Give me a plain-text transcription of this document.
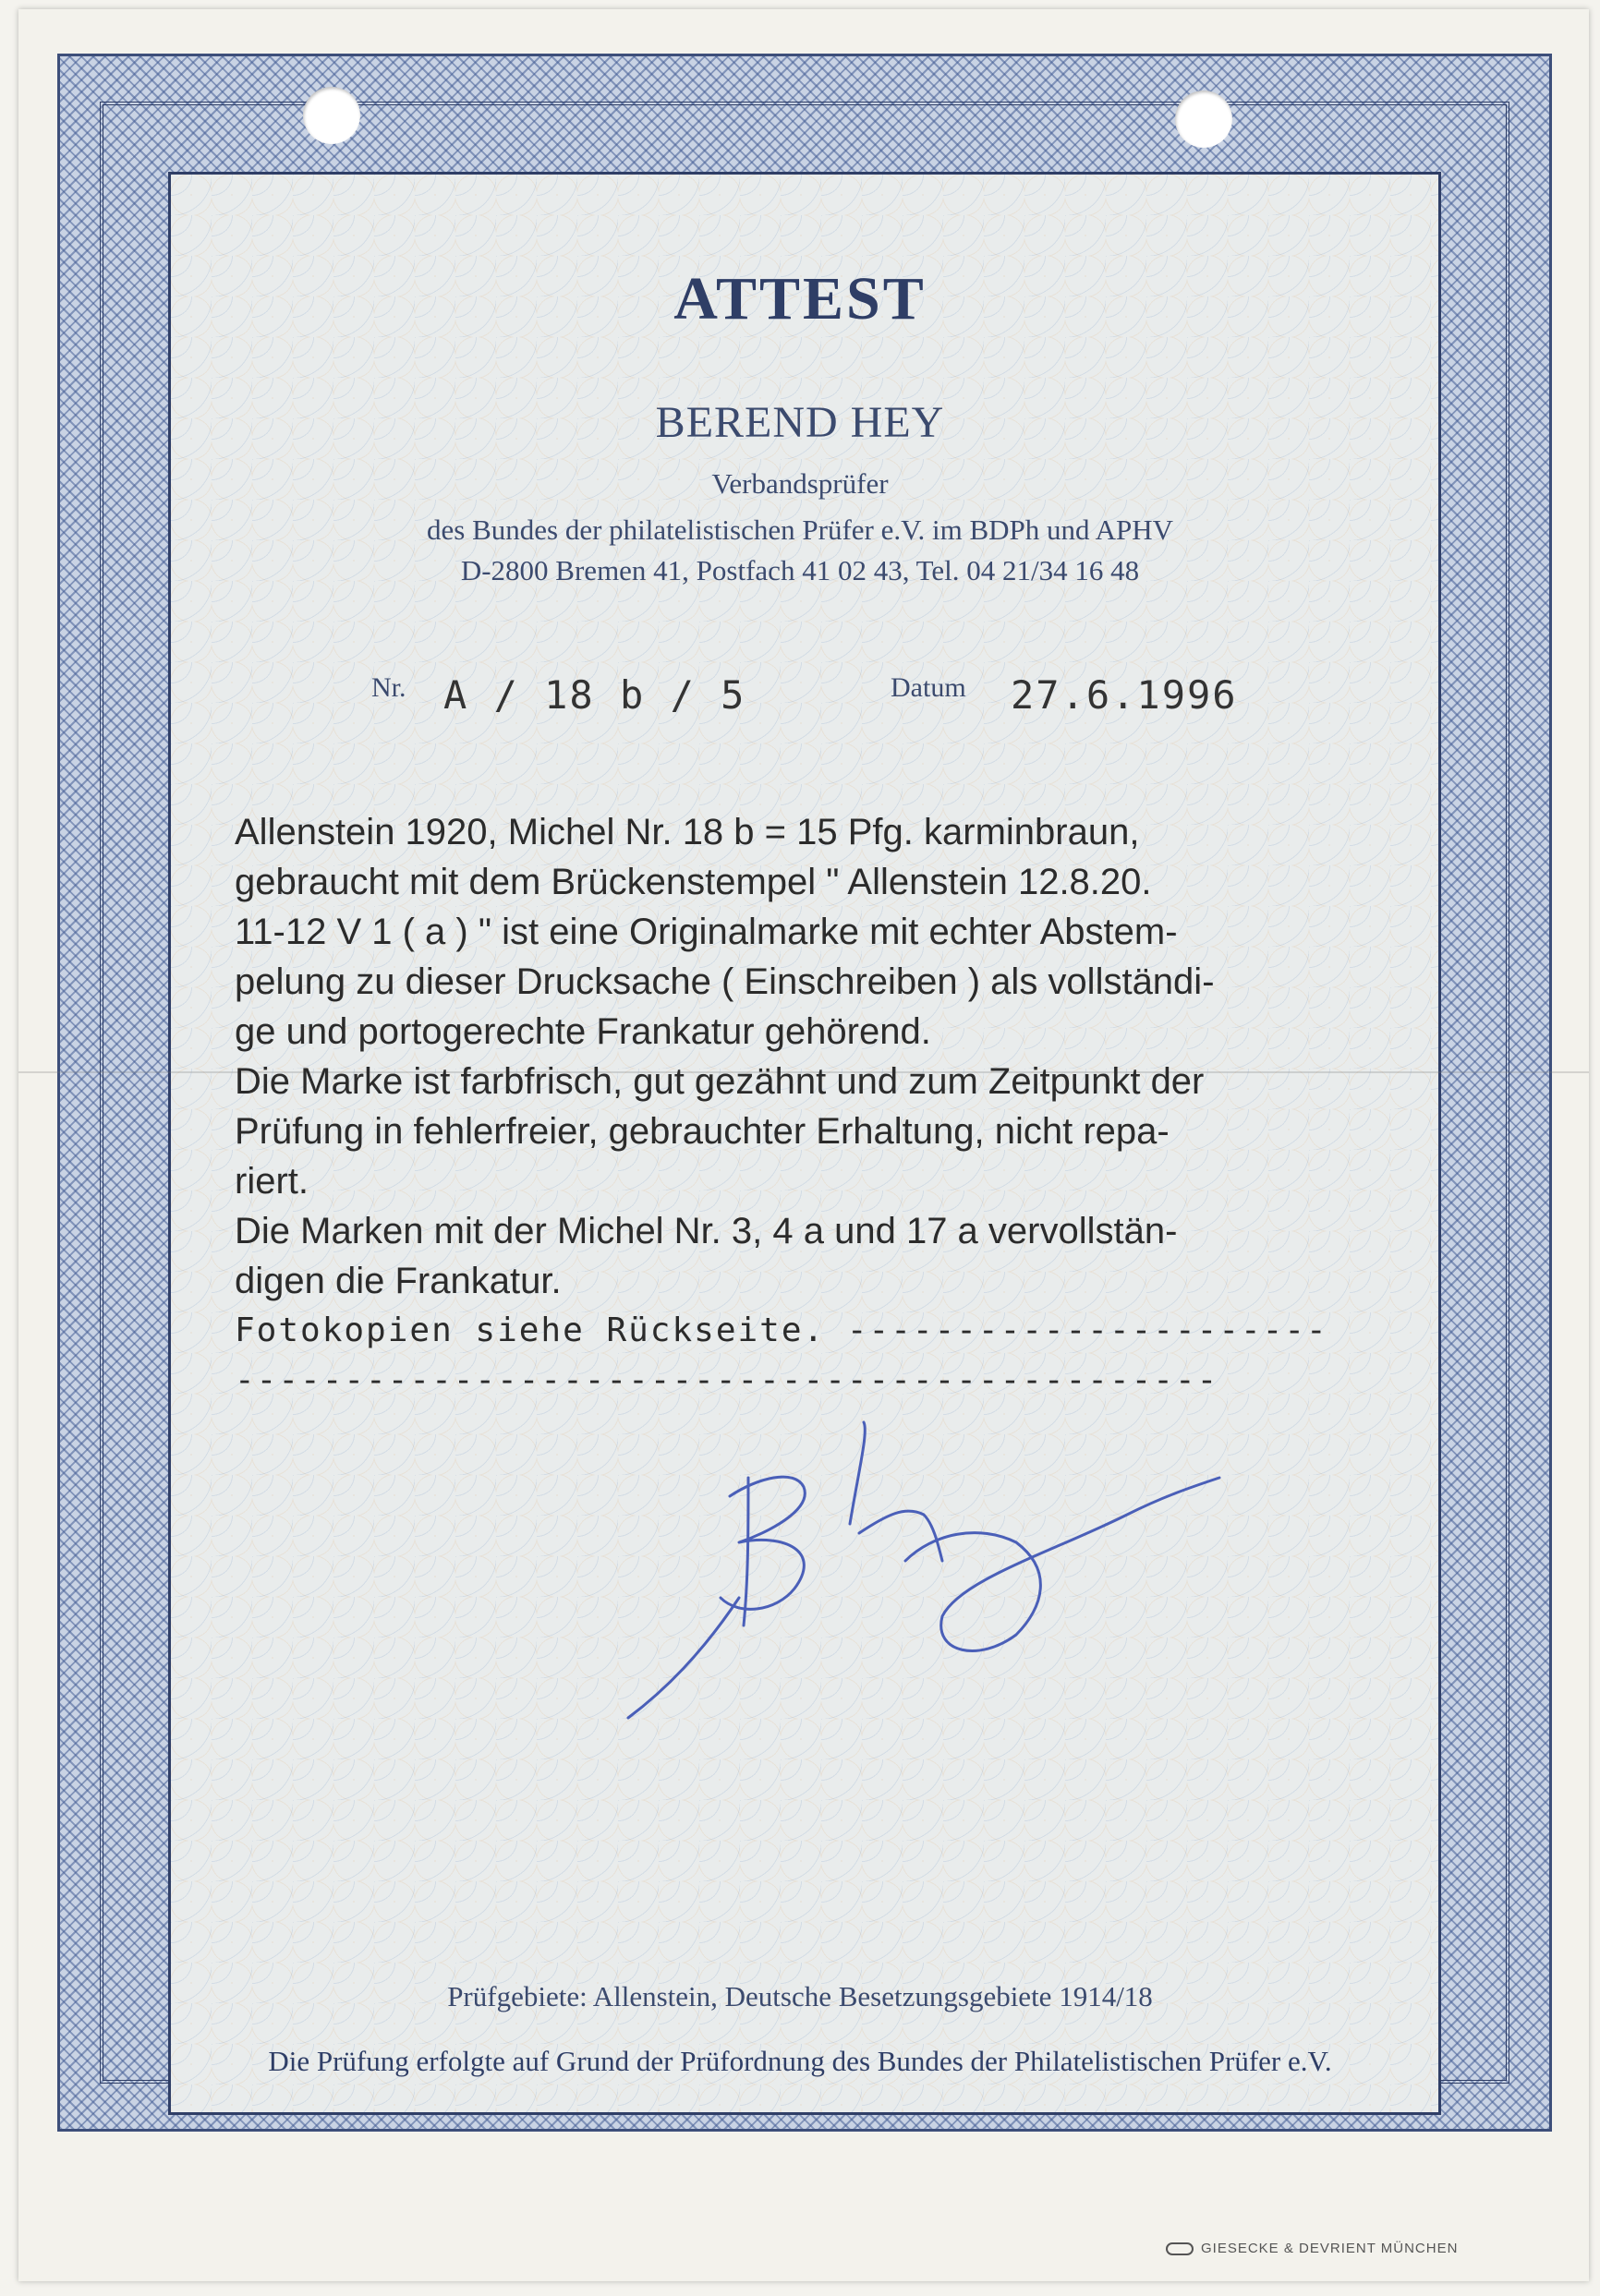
ATTEST
BEREND HEY
Verbandsprüfer
des Bundes der philatelistischen Prüfer e.V. im BDPh und APHV
D-2800 Bremen 41, Postfach 41 02 43, Tel. 04 21/34 16 48
Nr. A / 18 b / 5	Datum 27.6.1996
Allenstein 1920, Michel Nr. 18 b = 15 Pfg. karminbraun,
gebraucht mit dem Brückenstempel " Allenstein 12.8.20.
11-12 V 1 ( a ) " ist eine Originalmarke mit echter Abstem-
pelung zu dieser Drucksache ( Einschreiben ) als vollständi-
ge und portogerechte Frankatur gehörend.
Die Marke ist farbfrisch, gut gezähnt und zum Zeitpunkt der
Prüfung in fehlerfreier, gebrauchter Erhaltung, nicht repa-
riert.
Die Marken mit der Michel Nr. 3, 4 a und 17 a vervollstän-
digen die Frankatur.
Fotokopien siehe Rückseite. ----------------------
---------------------------------------------
Prüfgebiete: Allenstein, Deutsche Besetzungsgebiete 1914/18
Die Prüfung erfolgte auf Grund der Prüfordnung des Bundes der Philatelistischen Prüfer e.V.
GIESECKE & DEVRIENT MÜNCHEN
